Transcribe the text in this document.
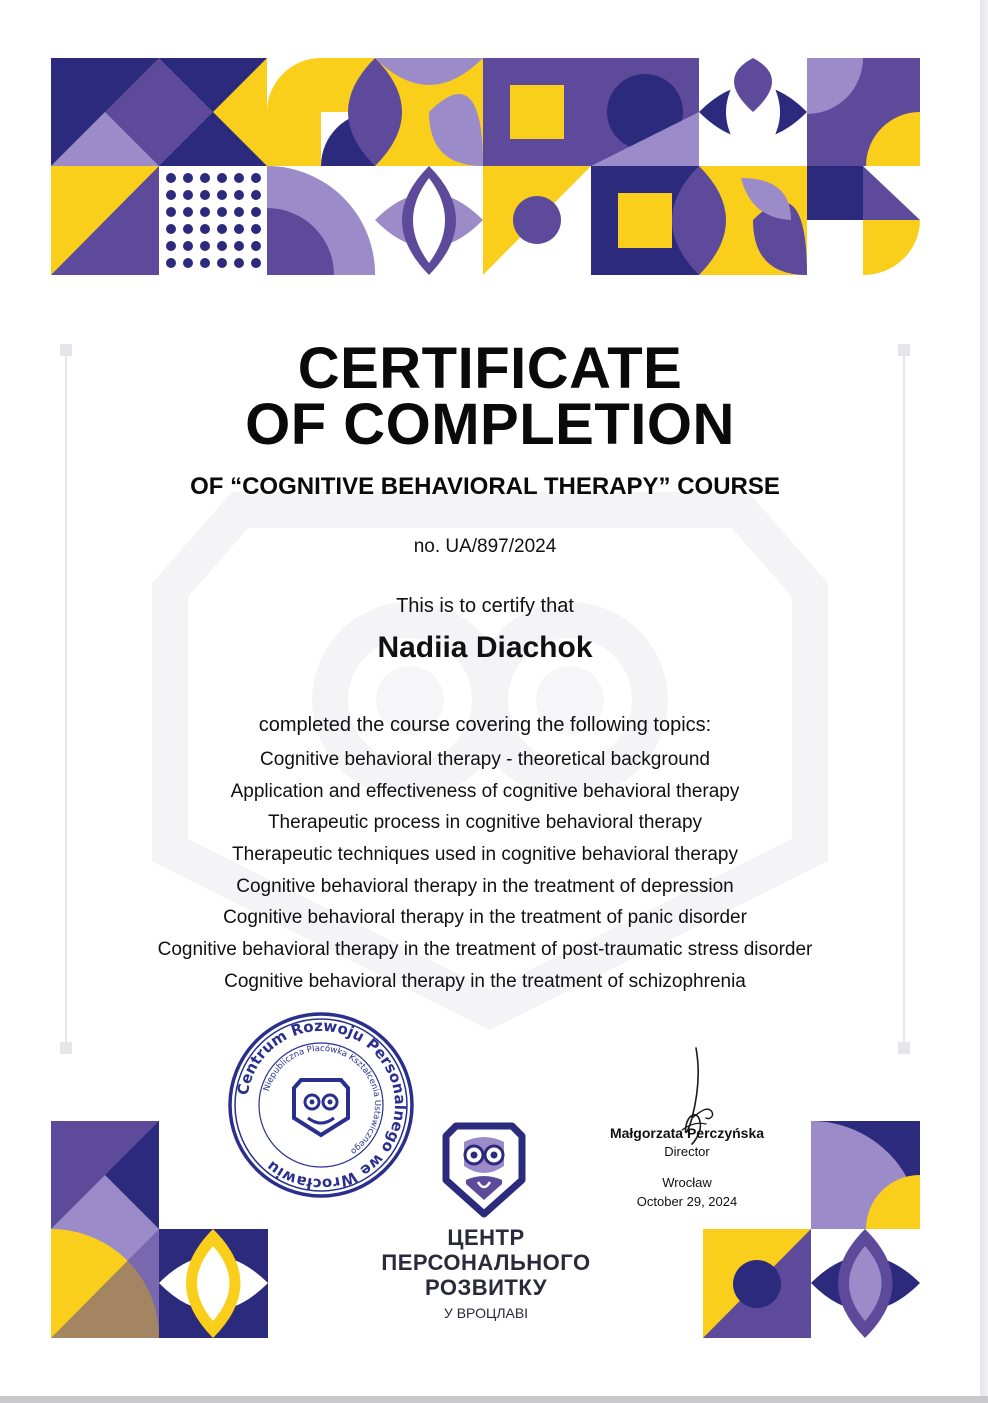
CERTIFICATE
OF COMPLETION
OF “COGNITIVE BEHAVIORAL THERAPY” COURSE
no. UA/897/2024
This is to certify that
Nadiia Diachok
completed the course covering the following topics:
Cognitive behavioral therapy - theoretical background
Application and effectiveness of cognitive behavioral therapy
Therapeutic process in cognitive behavioral therapy
Therapeutic techniques used in cognitive behavioral therapy
Cognitive behavioral therapy in the treatment of depression
Cognitive behavioral therapy in the treatment of panic disorder
Cognitive behavioral therapy in the treatment of post-traumatic stress disorder
Cognitive behavioral therapy in the treatment of schizophrenia
Centrum Rozwoju Personalnego we Wrocławiu
Niepubliczna Placówka Kształcenia Ustawicznego
ЦЕНТР
ПЕРСОНАЛЬНОГО
РОЗВИТКУ
У ВРОЦЛАВІ
Małgorzata Perczyńska
Director
Wrocław
October 29, 2024
